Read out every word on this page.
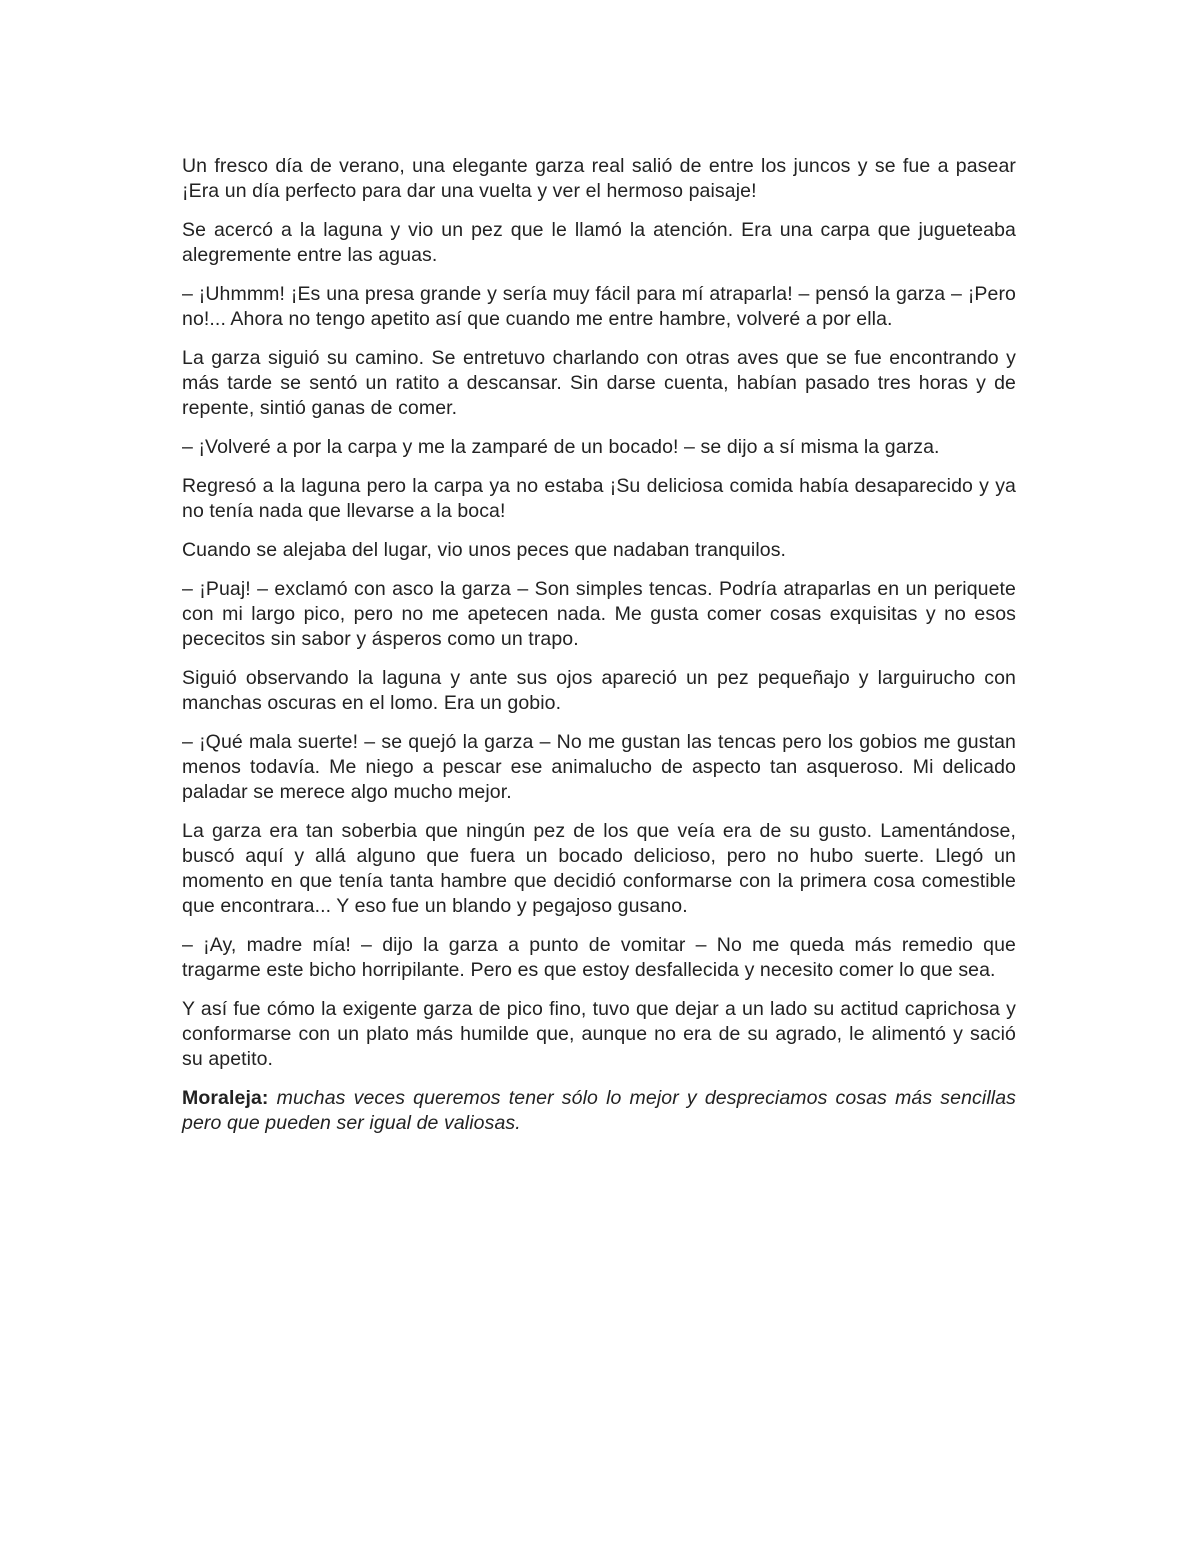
Un fresco día de verano, una elegante garza real salió de entre los juncos y se fue a pasear ¡Era un día perfecto para dar una vuelta y ver el hermoso paisaje!

Se acercó a la laguna y vio un pez que le llamó la atención. Era una carpa que jugueteaba alegremente entre las aguas.

– ¡Uhmmm! ¡Es una presa grande y sería muy fácil para mí atraparla! – pensó la garza – ¡Pero no!... Ahora no tengo apetito así que cuando me entre hambre, volveré a por ella.

La garza siguió su camino. Se entretuvo charlando con otras aves que se fue encontrando y más tarde se sentó un ratito a descansar. Sin darse cuenta, habían pasado tres horas y de repente, sintió ganas de comer.

– ¡Volveré a por la carpa y me la zamparé de un bocado! – se dijo a sí misma la garza.

Regresó a la laguna pero la carpa ya no estaba ¡Su deliciosa comida había desaparecido y ya no tenía nada que llevarse a la boca!

Cuando se alejaba del lugar, vio unos peces que nadaban tranquilos.

– ¡Puaj! – exclamó con asco la garza – Son simples tencas. Podría atraparlas en un periquete con mi largo pico, pero no me apetecen nada. Me gusta comer cosas exquisitas y no esos pececitos sin sabor y ásperos como un trapo.

Siguió observando la laguna y ante sus ojos apareció un pez pequeñajo y larguirucho con manchas oscuras en el lomo. Era un gobio.

– ¡Qué mala suerte! – se quejó la garza – No me gustan las tencas pero los gobios me gustan menos todavía. Me niego a pescar ese animalucho de aspecto tan asqueroso. Mi delicado paladar se merece algo mucho mejor.

La garza era tan soberbia que ningún pez de los que veía era de su gusto. Lamentándose, buscó aquí y allá alguno que fuera un bocado delicioso, pero no hubo suerte. Llegó un momento en que tenía tanta hambre que decidió conformarse con la primera cosa comestible que encontrara... Y eso fue un blando y pegajoso gusano.

– ¡Ay, madre mía! – dijo la garza a punto de vomitar – No me queda más remedio que tragarme este bicho horripilante. Pero es que estoy desfallecida y necesito comer lo que sea.

Y así fue cómo la exigente garza de pico fino, tuvo que dejar a un lado su actitud caprichosa y conformarse con un plato más humilde que, aunque no era de su agrado, le alimentó y sació su apetito.

Moraleja: muchas veces queremos tener sólo lo mejor y despreciamos cosas más sencillas pero que pueden ser igual de valiosas.
